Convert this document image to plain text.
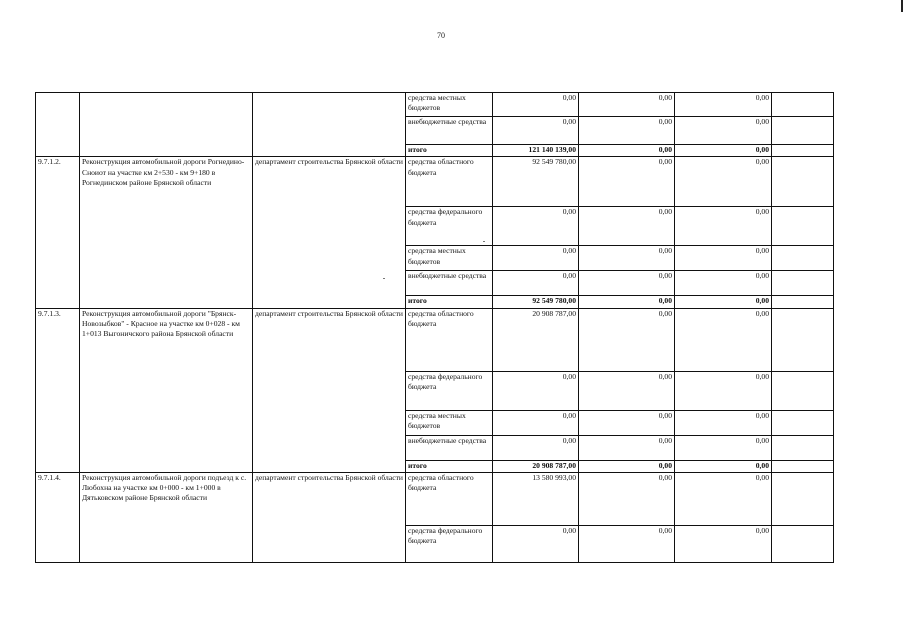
70
			средства местных бюджетов	0,00	0,00	0,00	
			внебюджетные средства	0,00	0,00	0,00	
			итого	121 140 139,00	0,00	0,00	
9.7.1.2.	Реконструкция автомобильной дороги Рогнедино-Сноиот на участке км 2+530 - км 9+180 в Рогнединском районе Брянской области	департамент строительства Брянской области	средства областного бюджета	92 549 780,00	0,00	0,00	
			средства федерального бюджета	0,00	0,00	0,00	
			средства местных бюджетов	0,00	0,00	0,00	
			внебюджетные средства	0,00	0,00	0,00	
			итого	92 549 780,00	0,00	0,00	
9.7.1.3.	Реконструкция автомобильной дороги "Брянск-Новозыбков" - Красное на участке км 0+028 - км 1+013 Выгоничского района Брянской области	департамент строительства Брянской области	средства областного бюджета	20 908 787,00	0,00	0,00	
			средства федерального бюджета	0,00	0,00	0,00	
			средства местных бюджетов	0,00	0,00	0,00	
			внебюджетные средства	0,00	0,00	0,00	
			итого	20 908 787,00	0,00	0,00	
9.7.1.4.	Реконструкция автомобильной дороги подъезд к с. Любохна на участке км 0+000 - км 1+000 в Дятьковском районе Брянской области	департамент строительства Брянской области	средства областного бюджета	13 580 993,00	0,00	0,00	
			средства федерального бюджета	0,00	0,00	0,00	
